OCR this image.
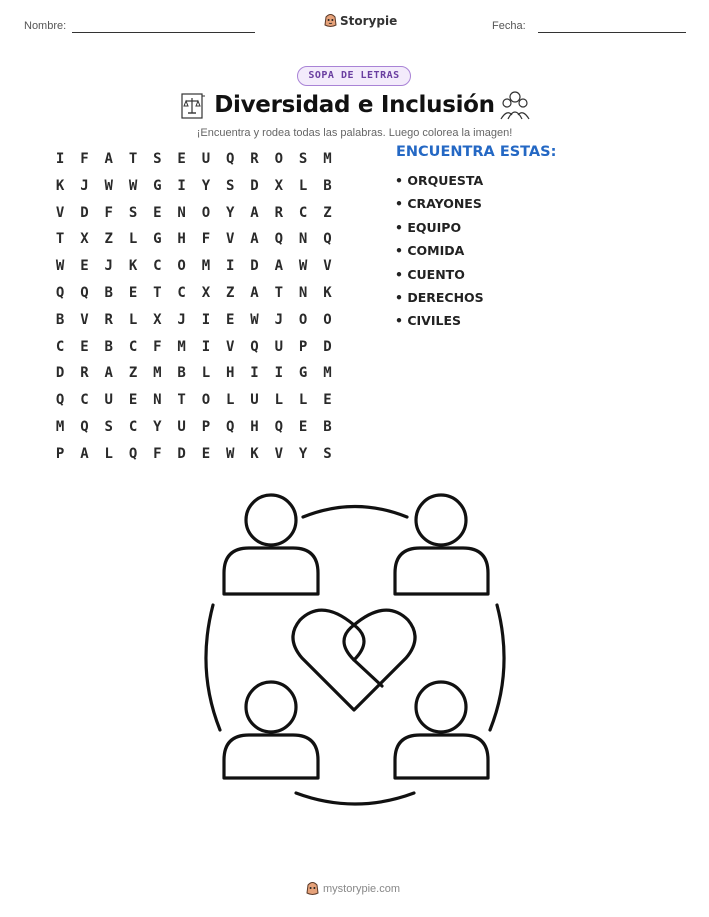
Nombre:	Storypie	Fecha:
SOPA DE LETRAS
Diversidad e Inclusión
¡Encuentra y rodea todas las palabras. Luego colorea la imagen!
I	F	A	T	S	E	U	Q	R	O	S	M
K	J	W	W	G	I	Y	S	D	X	L	B
V	D	F	S	E	N	O	Y	A	R	C	Z
T	X	Z	L	G	H	F	V	A	Q	N	Q
W	E	J	K	C	O	M	I	D	A	W	V
Q	Q	B	E	T	C	X	Z	A	T	N	K
B	V	R	L	X	J	I	E	W	J	O	O
C	E	B	C	F	M	I	V	Q	U	P	D
D	R	A	Z	M	B	L	H	I	I	G	M
Q	C	U	E	N	T	O	L	U	L	L	E
M	Q	S	C	Y	U	P	Q	H	Q	E	B
P	A	L	Q	F	D	E	W	K	V	Y	S
ENCUENTRA ESTAS:
• ORQUESTA
• CRAYONES
• EQUIPO
• COMIDA
• CUENTO
• DERECHOS
• CIVILES
mystorypie.com
